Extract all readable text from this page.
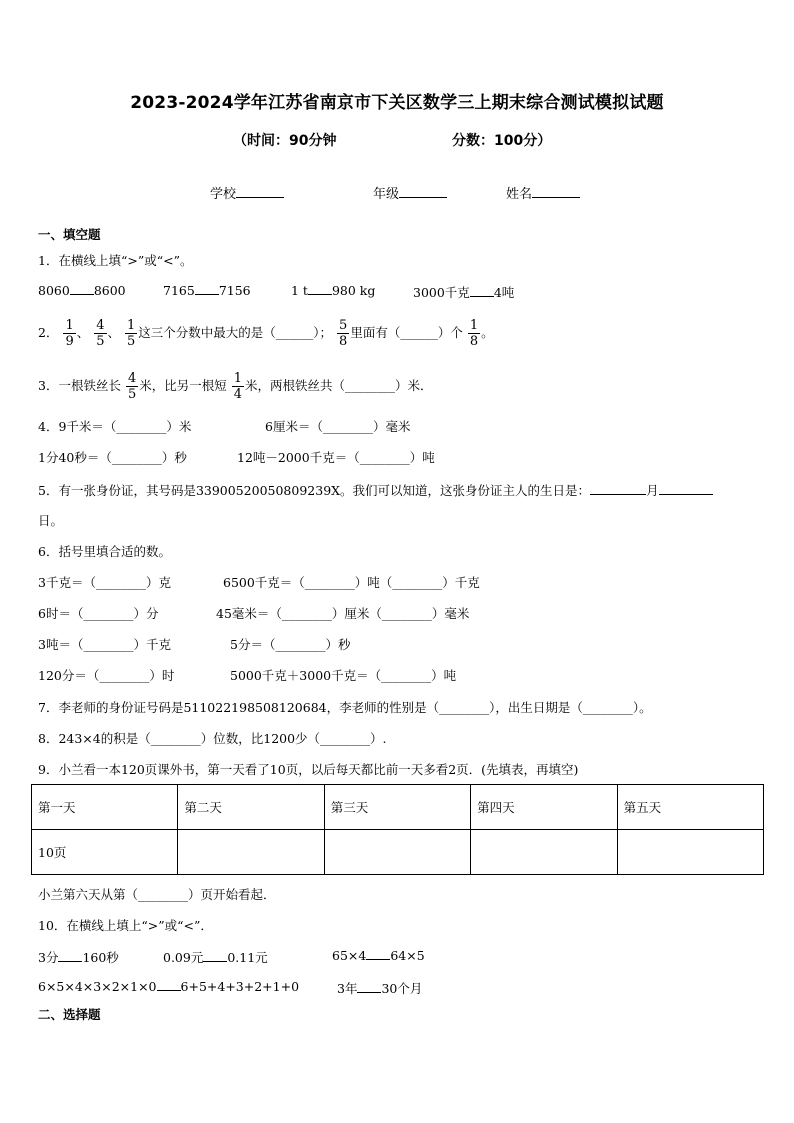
2023-2024学年江苏省南京市下关区数学三上期末综合测试模拟试题
（时间：90分钟	分数：100分）
学校	年级	姓名
一、填空题
1．在横线上填“>”或“<”。
8060 8600	7165 7156	1 t 980 kg	3000千克 4吨
2． $\frac{1}{9}$ 、 $\frac{4}{5}$ 、 $\frac{1}{5}$ 这三个分数中最大的是（______）； $\frac{5}{8}$ 里面有（______）个 $\frac{1}{8}$ 。
3．一根铁丝长 $\frac{4}{5}$ 米，比另一根短 $\frac{1}{4}$ 米，两根铁丝共（________）米．
4．9千米＝（________）米	6厘米＝（________）毫米
1分40秒＝（________）秒	12吨－2000千克＝（________）吨
5．有一张身份证，其号码是33900520050809239X。我们可以知道，这张身份证主人的生日是：	月
日。
6．括号里填合适的数。
3千克＝（________）克	6500千克＝（________）吨（________）千克
6时＝（________）分	45毫米＝（________）厘米（________）毫米
3吨＝（________）千克	5分＝（________）秒
120分＝（________）时	5000千克＋3000千克＝（________）吨
7．李老师的身份证号码是511022198508120684，李老师的性别是（________），出生日期是（________）。
8．243×4的积是（________）位数，比1200少（________）.
9．小兰看一本120页课外书，第一天看了10页，以后每天都比前一天多看2页．(先填表，再填空)
第一天	第二天	第三天	第四天	第五天
10页				
小兰第六天从第（________）页开始看起．
10．在横线上填上“>”或“<”．
3分 160秒	0.09元 0.11元	65×4 64×5
6×5×4×3×2×1×0 6+5+4+3+2+1+0	3年 30个月
二、选择题
